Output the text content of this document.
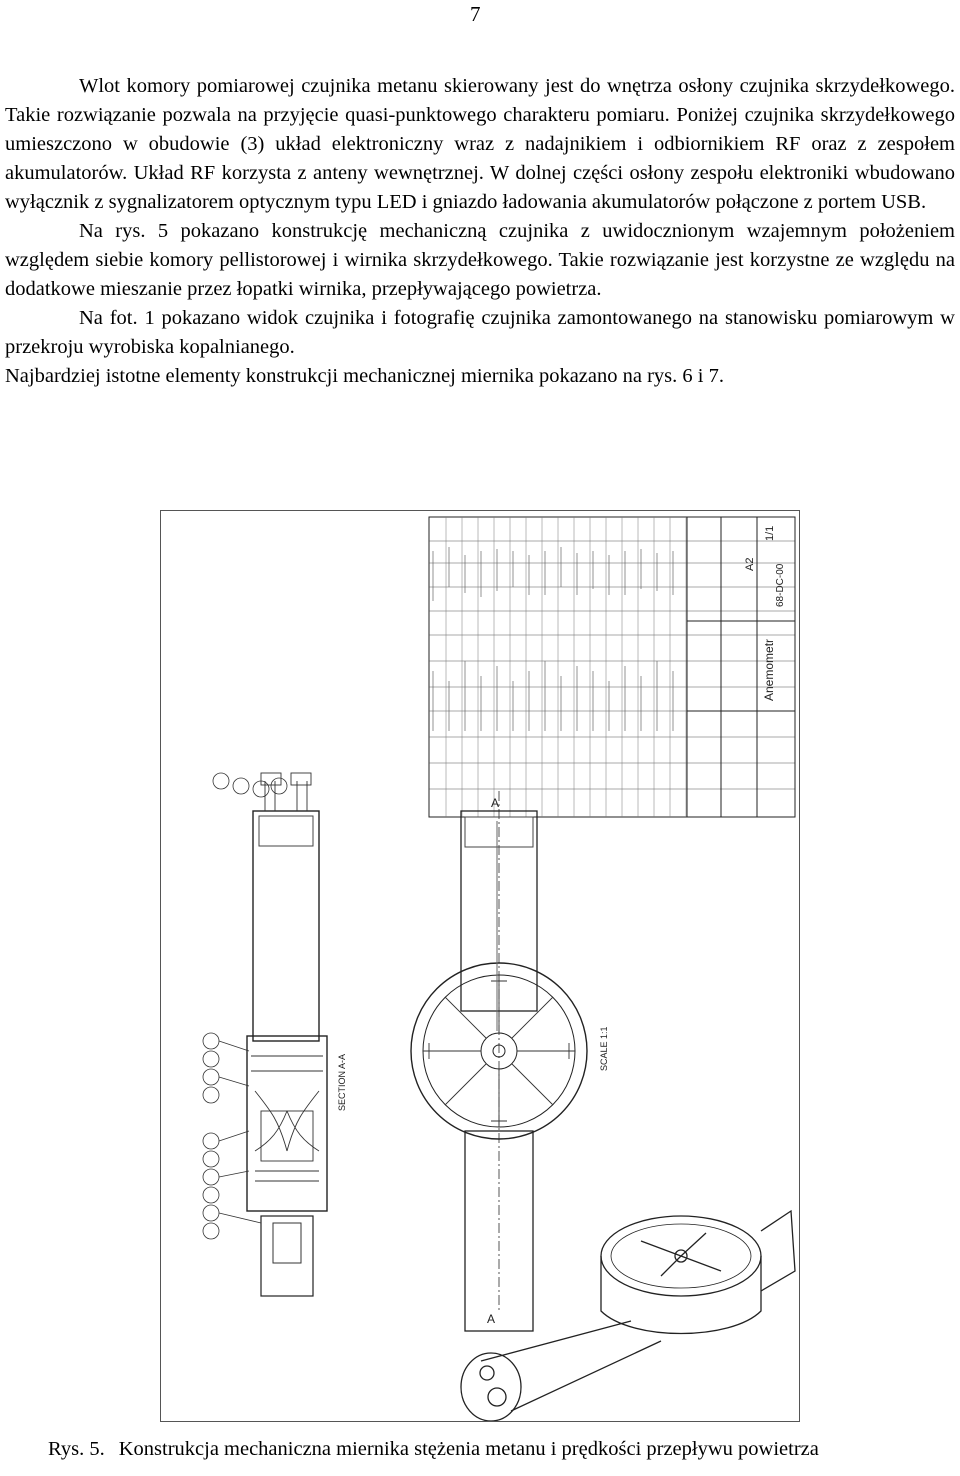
7

Wlot komory pomiarowej czujnika metanu skierowany jest do wnętrza osłony czujnika skrzydełkowego. Takie rozwiązanie pozwala na przyjęcie quasi-punktowego charakteru pomiaru. Poniżej czujnika skrzydełkowego umieszczono w obudowie (3) układ elektroniczny wraz z nadajnikiem i odbiornikiem RF oraz z zespołem akumulatorów. Układ RF korzysta z anteny wewnętrznej. W dolnej części osłony zespołu elektroniki wbudowano wyłącznik z sygnalizatorem optycznym typu LED i gniazdo ładowania akumulatorów połączone z portem USB.

Na rys. 5 pokazano konstrukcję mechaniczną czujnika z uwidocznionym wzajemnym położeniem względem siebie komory pellistorowej i wirnika skrzydełkowego. Takie rozwiązanie jest korzystne ze względu na dodatkowe mieszanie przez łopatki wirnika, przepływającego powietrza.

Na fot. 1 pokazano widok czujnika i fotografię czujnika zamontowanego na stanowisku pomiarowym w przekroju wyrobiska kopalnianego.

Najbardziej istotne elementy konstrukcji mechanicznej miernika pokazano na rys. 6 i 7.

1/1
A2 68-DC-00
Anemometr
SECTION A-A
A
A
SCALE 1:1
Rys. 5. Konstrukcja mechaniczna miernika stężenia metanu i prędkości przepływu powietrza
